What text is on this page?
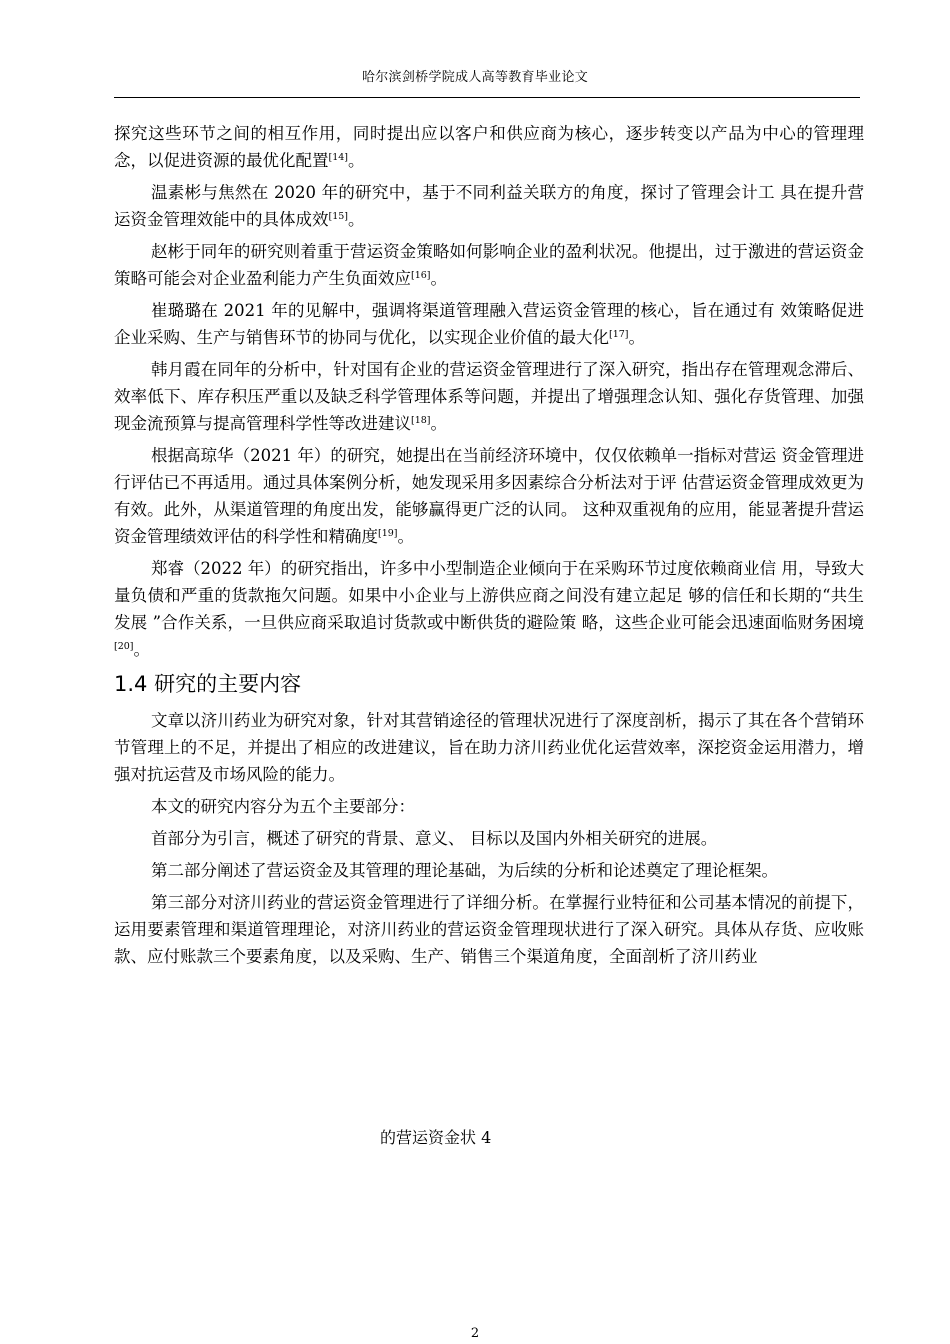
哈尔滨剑桥学院成人高等教育毕业论文

探究这些环节之间的相互作用，同时提出应以客户和供应商为核心，逐步转变以产品为中心的管理理念，以促进资源的最优化配置[14]。

温素彬与焦然在 2020 年的研究中，基于不同利益关联方的角度，探讨了管理会计工 具在提升营运资金管理效能中的具体成效[15]。

赵彬于同年的研究则着重于营运资金策略如何影响企业的盈利状况。他提出，过于激进的营运资金策略可能会对企业盈利能力产生负面效应[16]。

崔璐璐在 2021 年的见解中，强调将渠道管理融入营运资金管理的核心，旨在通过有 效策略促进企业采购、生产与销售环节的协同与优化，以实现企业价值的最大化[17]。

韩月霞在同年的分析中，针对国有企业的营运资金管理进行了深入研究，指出存在管理观念滞后、效率低下、库存积压严重以及缺乏科学管理体系等问题，并提出了增强理念认知、强化存货管理、加强现金流预算与提高管理科学性等改进建议[18]。

根据高琼华（2021 年）的研究，她提出在当前经济环境中，仅仅依赖单一指标对营运 资金管理进行评估已不再适用。通过具体案例分析，她发现采用多因素综合分析法对于评 估营运资金管理成效更为有效。此外，从渠道管理的角度出发，能够赢得更广泛的认同。 这种双重视角的应用，能显著提升营运资金管理绩效评估的科学性和精确度[19]。

郑睿（2022 年）的研究指出，许多中小型制造企业倾向于在采购环节过度依赖商业信 用，导致大量负债和严重的货款拖欠问题。如果中小企业与上游供应商之间没有建立起足 够的信任和长期的“共生发展 ”合作关系，一旦供应商采取追讨货款或中断供货的避险策 略，这些企业可能会迅速面临财务困境[20]。

1.4 研究的主要内容

文章以济川药业为研究对象，针对其营销途径的管理状况进行了深度剖析，揭示了其在各个营销环节管理上的不足，并提出了相应的改进建议，旨在助力济川药业优化运营效率，深挖资金运用潜力，增强对抗运营及市场风险的能力。

本文的研究内容分为五个主要部分：

首部分为引言，概述了研究的背景、意义、 目标以及国内外相关研究的进展。

第二部分阐述了营运资金及其管理的理论基础，为后续的分析和论述奠定了理论框架。

第三部分对济川药业的营运资金管理进行了详细分析。在掌握行业特征和公司基本情况的前提下，运用要素管理和渠道管理理论，对济川药业的营运资金管理现状进行了深入研究。具体从存货、应收账款、应付账款三个要素角度，以及采购、生产、销售三个渠道角度，全面剖析了济川药业

的营运资金状 4
2
